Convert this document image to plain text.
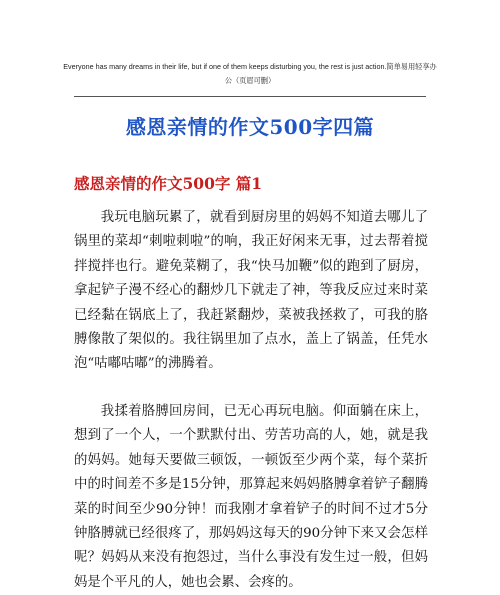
Everyone has many dreams in their life, but if one of them keeps disturbing you, the rest is just action.简单易用轻享办公（页眉可删）
感恩亲情的作文500字四篇
感恩亲情的作文500字 篇1

我玩电脑玩累了，就看到厨房里的妈妈不知道去哪儿了锅里的菜却“刺啦刺啦”的响，我正好闲来无事，过去帮着搅拌搅拌也行。避免菜糊了，我“快马加鞭”似的跑到了厨房，拿起铲子漫不经心的翻炒几下就走了神，等我反应过来时菜已经黏在锅底上了，我赶紧翻炒，菜被我拯救了，可我的胳膊像散了架似的。我往锅里加了点水，盖上了锅盖，任凭水泡“咕嘟咕嘟”的沸腾着。

我揉着胳膊回房间，已无心再玩电脑。仰面躺在床上，想到了一个人，一个默默付出、劳苦功高的人，她，就是我的妈妈。她每天要做三顿饭，一顿饭至少两个菜，每个菜折中的时间差不多是15分钟，那算起来妈妈胳膊拿着铲子翻腾菜的时间至少90分钟！而我刚才拿着铲子的时间不过才5分钟胳膊就已经很疼了，那妈妈这每天的90分钟下来又会怎样呢？妈妈从来没有抱怨过，当什么事没有发生过一般，但妈妈是个平凡的人，她也会累、会疼的。
